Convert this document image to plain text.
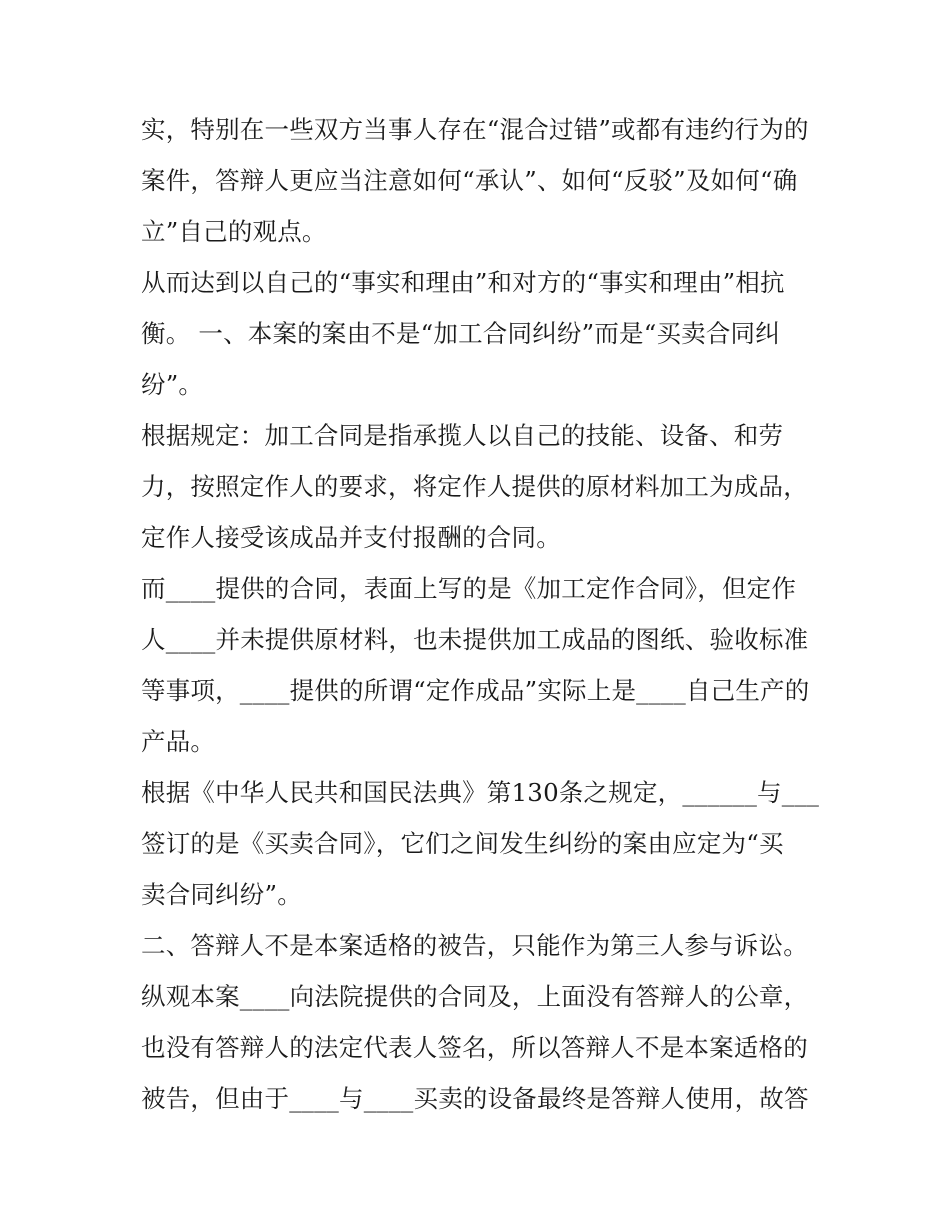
实，特别在一些双方当事人存在“混合过错”或都有违约行为的
案件，答辩人更应当注意如何“承认”、如何“反驳”及如何“确
立”自己的观点。
从而达到以自己的“事实和理由”和对方的“事实和理由”相抗
衡。 一、本案的案由不是“加工合同纠纷”而是“买卖合同纠
纷”。
根据规定：加工合同是指承揽人以自己的技能、设备、和劳
力，按照定作人的要求，将定作人提供的原材料加工为成品，
定作人接受该成品并支付报酬的合同。
而____提供的合同，表面上写的是《加工定作合同》，但定作
人____并未提供原材料，也未提供加工成品的图纸、验收标准
等事项，____提供的所谓“定作成品”实际上是____自己生产的
产品。
根据《中华人民共和国民法典》第130条之规定，______与___
签订的是《买卖合同》，它们之间发生纠纷的案由应定为“买
卖合同纠纷”。
二、答辩人不是本案适格的被告，只能作为第三人参与诉讼。
纵观本案____向法院提供的合同及，上面没有答辩人的公章，
也没有答辩人的法定代表人签名，所以答辩人不是本案适格的
被告，但由于____与____买卖的设备最终是答辩人使用，故答
